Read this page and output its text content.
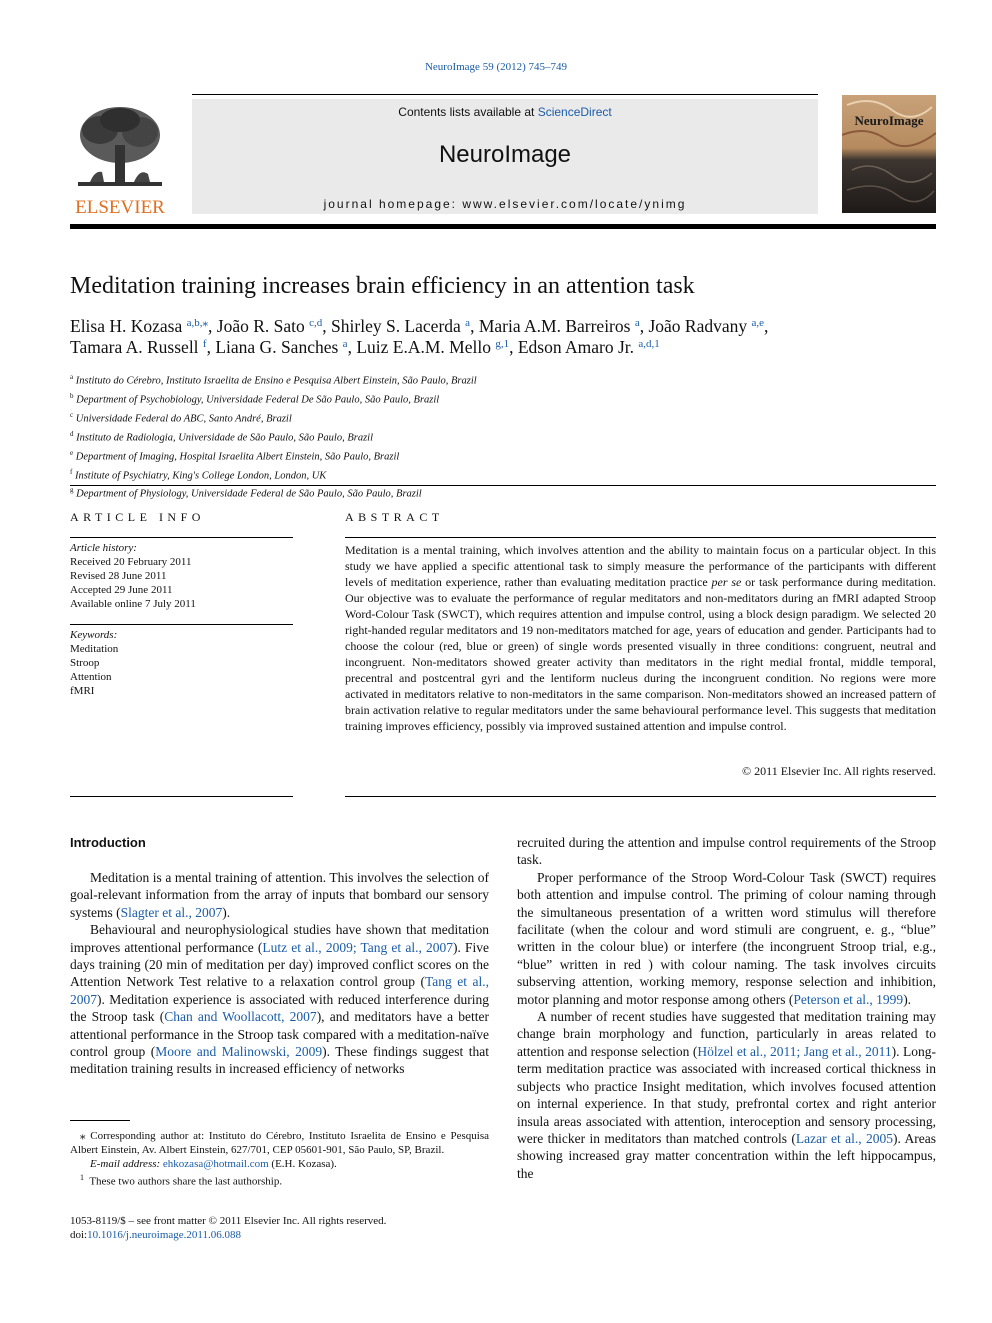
NeuroImage 59 (2012) 745–749
ELSEVIER
Contents lists available at ScienceDirect
NeuroImage
journal homepage: www.elsevier.com/locate/ynimg
NeuroImage
Meditation training increases brain efficiency in an attention task
Elisa H. Kozasa $^{a,b,⁎}$, João R. Sato $^{c,d}$, Shirley S. Lacerda $^a$, Maria A.M. Barreiros $^a$, João Radvany $^{a,e}$,
Tamara A. Russell $^f$, Liana G. Sanches $^a$, Luiz E.A.M. Mello $^{g,1}$, Edson Amaro Jr. $^{a,d,1}$
$^a$ Instituto do Cérebro, Instituto Israelita de Ensino e Pesquisa Albert Einstein, São Paulo, Brazil
$^b$ Department of Psychobiology, Universidade Federal De São Paulo, São Paulo, Brazil
$^c$ Universidade Federal do ABC, Santo André, Brazil
$^d$ Instituto de Radiologia, Universidade de São Paulo, São Paulo, Brazil
$^e$ Department of Imaging, Hospital Israelita Albert Einstein, São Paulo, Brazil
$^f$ Institute of Psychiatry, King's College London, London, UK
$^g$ Department of Physiology, Universidade Federal de São Paulo, São Paulo, Brazil
ARTICLE INFO
Article history:
Received 20 February 2011
Revised 28 June 2011
Accepted 29 June 2011
Available online 7 July 2011
Keywords:
Meditation
Stroop
Attention
fMRI
ABSTRACT
Meditation is a mental training, which involves attention and the ability to maintain focus on a particular object. In this study we have applied a specific attentional task to simply measure the performance of the participants with different levels of meditation experience, rather than evaluating meditation practice per se or task performance during meditation. Our objective was to evaluate the performance of regular meditators and non-meditators during an fMRI adapted Stroop Word-Colour Task (SWCT), which requires attention and impulse control, using a block design paradigm. We selected 20 right-handed regular meditators and 19 non-meditators matched for age, years of education and gender. Participants had to choose the colour (red, blue or green) of single words presented visually in three conditions: congruent, neutral and incongruent. Non-meditators showed greater activity than meditators in the right medial frontal, middle temporal, precentral and postcentral gyri and the lentiform nucleus during the incongruent condition. No regions were more activated in meditators relative to non-meditators in the same comparison. Non-meditators showed an increased pattern of brain activation relative to regular meditators under the same behavioural performance level. This suggests that meditation training improves efficiency, possibly via improved sustained attention and impulse control.
© 2011 Elsevier Inc. All rights reserved.
Introduction

Meditation is a mental training of attention. This involves the selection of goal-relevant information from the array of inputs that bombard our sensory systems (Slagter et al., 2007).

Behavioural and neurophysiological studies have shown that meditation improves attentional performance (Lutz et al., 2009; Tang et al., 2007). Five days training (20 min of meditation per day) improved conflict scores on the Attention Network Test relative to a relaxation control group (Tang et al., 2007). Meditation experience is associated with reduced interference during the Stroop task (Chan and Woollacott, 2007), and meditators have a better attentional performance in the Stroop task compared with a meditation-naïve control group (Moore and Malinowski, 2009). These findings suggest that meditation training results in increased efficiency of networks

recruited during the attention and impulse control requirements of the Stroop task.

Proper performance of the Stroop Word-Colour Task (SWCT) requires both attention and impulse control. The priming of colour naming through the simultaneous presentation of a written word stimulus will therefore facilitate (when the colour and word stimuli are congruent, e. g., “blue” written in the colour blue) or interfere (the incongruent Stroop trial, e.g., “blue” written in red ) with colour naming. The task involves circuits subserving attention, working memory, response selection and inhibition, motor planning and motor response among others (Peterson et al., 1999).

A number of recent studies have suggested that meditation training may change brain morphology and function, particularly in areas related to attention and response selection (Hölzel et al., 2011; Jang et al., 2011). Long-term meditation practice was associated with increased cortical thickness in subjects who practice Insight meditation, which involves focused attention on internal experience. In that study, prefrontal cortex and right anterior insula areas associated with attention, interoception and sensory processing, were thicker in meditators than matched controls (Lazar et al., 2005). Areas showing increased gray matter concentration within the left hippocampus, the

⁎ Corresponding author at: Instituto do Cérebro, Instituto Israelita de Ensino e Pesquisa Albert Einstein, Av. Albert Einstein, 627/701, CEP 05601-901, São Paulo, SP, Brazil.
E-mail address: ehkozasa@hotmail.com (E.H. Kozasa).
$^1$ These two authors share the last authorship.
1053-8119/$ – see front matter © 2011 Elsevier Inc. All rights reserved.
doi:10.1016/j.neuroimage.2011.06.088
